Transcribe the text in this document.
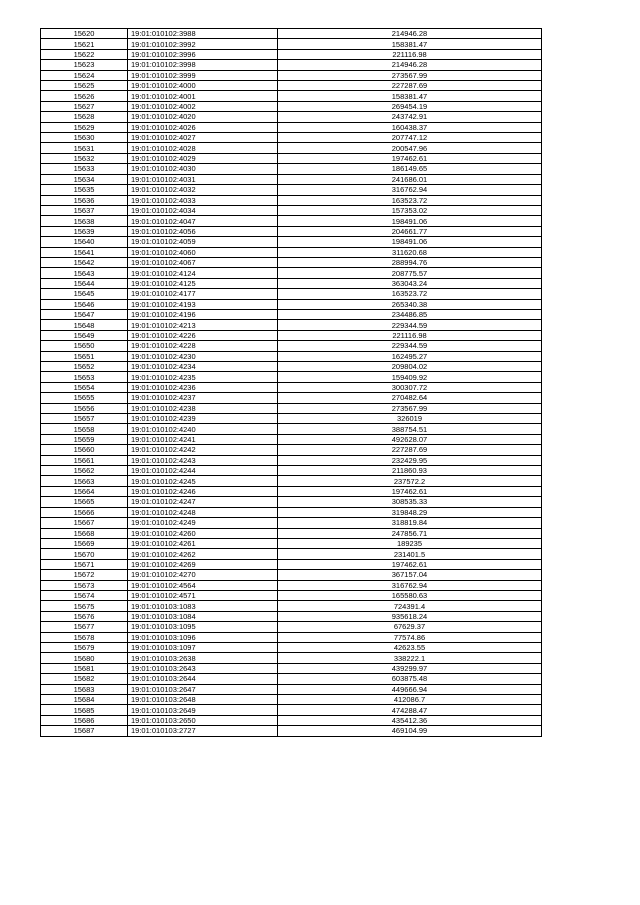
15620	19:01:010102:3988	214946.28
15621	19:01:010102:3992	158381.47
15622	19:01:010102:3996	221116.98
15623	19:01:010102:3998	214946.28
15624	19:01:010102:3999	273567.99
15625	19:01:010102:4000	227287.69
15626	19:01:010102:4001	158381.47
15627	19:01:010102:4002	269454.19
15628	19:01:010102:4020	243742.91
15629	19:01:010102:4026	160438.37
15630	19:01:010102:4027	207747.12
15631	19:01:010102:4028	200547.96
15632	19:01:010102:4029	197462.61
15633	19:01:010102:4030	186149.65
15634	19:01:010102:4031	241686.01
15635	19:01:010102:4032	316762.94
15636	19:01:010102:4033	163523.72
15637	19:01:010102:4034	157353.02
15638	19:01:010102:4047	198491.06
15639	19:01:010102:4056	204661.77
15640	19:01:010102:4059	198491.06
15641	19:01:010102:4060	311620.68
15642	19:01:010102:4067	288994.76
15643	19:01:010102:4124	208775.57
15644	19:01:010102:4125	363043.24
15645	19:01:010102:4177	163523.72
15646	19:01:010102:4193	265340.38
15647	19:01:010102:4196	234486.85
15648	19:01:010102:4213	229344.59
15649	19:01:010102:4226	221116.98
15650	19:01:010102:4228	229344.59
15651	19:01:010102:4230	162495.27
15652	19:01:010102:4234	209804.02
15653	19:01:010102:4235	159409.92
15654	19:01:010102:4236	300307.72
15655	19:01:010102:4237	270482.64
15656	19:01:010102:4238	273567.99
15657	19:01:010102:4239	326019
15658	19:01:010102:4240	388754.51
15659	19:01:010102:4241	492628.07
15660	19:01:010102:4242	227287.69
15661	19:01:010102:4243	232429.95
15662	19:01:010102:4244	211860.93
15663	19:01:010102:4245	237572.2
15664	19:01:010102:4246	197462.61
15665	19:01:010102:4247	308535.33
15666	19:01:010102:4248	319848.29
15667	19:01:010102:4249	318819.84
15668	19:01:010102:4260	247856.71
15669	19:01:010102:4261	189235
15670	19:01:010102:4262	231401.5
15671	19:01:010102:4269	197462.61
15672	19:01:010102:4270	367157.04
15673	19:01:010102:4564	316762.94
15674	19:01:010102:4571	165580.63
15675	19:01:010103:1083	724391.4
15676	19:01:010103:1084	935618.24
15677	19:01:010103:1095	67629.37
15678	19:01:010103:1096	77574.86
15679	19:01:010103:1097	42623.55
15680	19:01:010103:2638	338222.1
15681	19:01:010103:2643	439299.97
15682	19:01:010103:2644	603875.48
15683	19:01:010103:2647	449666.94
15684	19:01:010103:2648	412086.7
15685	19:01:010103:2649	474288.47
15686	19:01:010103:2650	435412.36
15687	19:01:010103:2727	469104.99
